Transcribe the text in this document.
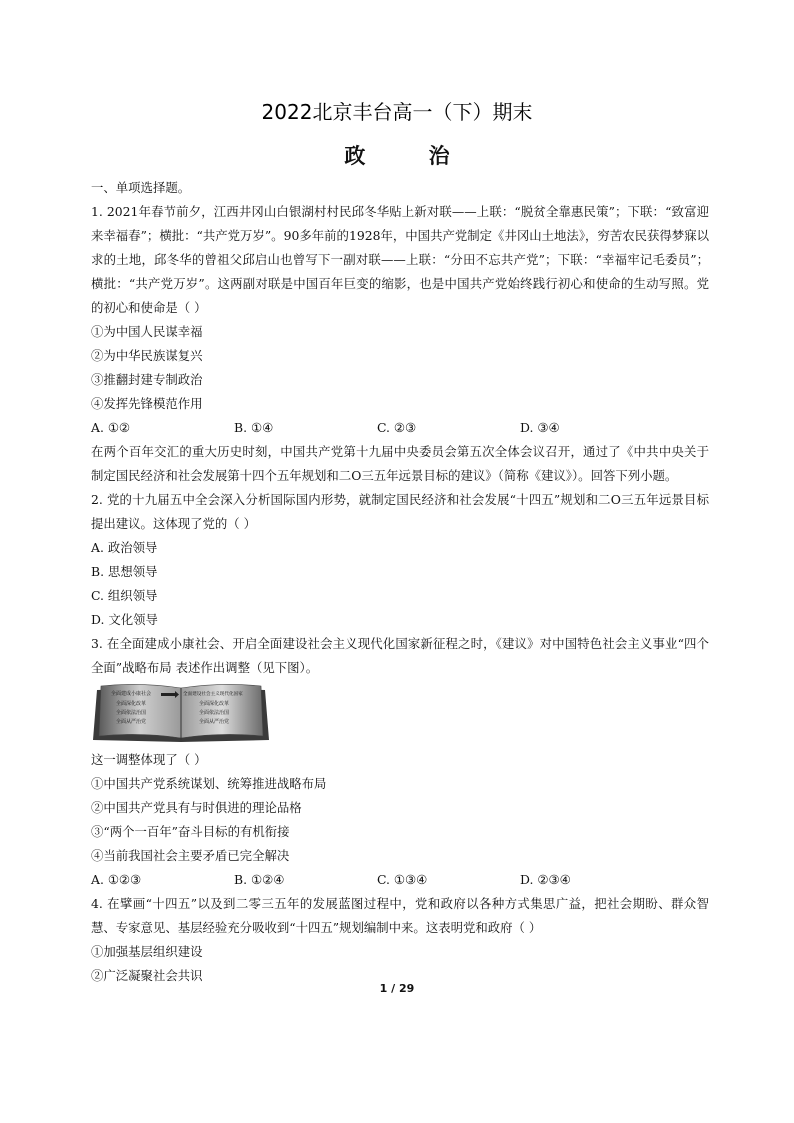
2022北京丰台高一（下）期末
政 治

一、单项选择题。

1. 2021年春节前夕，江西井冈山白银湖村村民邱冬华贴上新对联——上联：“脱贫全靠惠民策”；下联：“致富迎来幸福春”；横批：“共产党万岁”。90多年前的1928年，中国共产党制定《井冈山土地法》，穷苦农民获得梦寐以求的土地，邱冬华的曾祖父邱启山也曾写下一副对联——上联：“分田不忘共产党”；下联：“幸福牢记毛委员”；横批：“共产党万岁”。这两副对联是中国百年巨变的缩影，也是中国共产党始终践行初心和使命的生动写照。党的初心和使命是（ ）

①为中国人民谋幸福

②为中华民族谋复兴

③推翻封建专制政治

④发挥先锋模范作用

A. ①②	B. ①④	C. ②③	D. ③④

在两个百年交汇的重大历史时刻，中国共产党第十九届中央委员会第五次全体会议召开，通过了《中共中央关于制定国民经济和社会发展第十四个五年规划和二O三五年远景目标的建议》（简称《建议》）。回答下列小题。

2. 党的十九届五中全会深入分析国际国内形势，就制定国民经济和社会发展“十四五”规划和二O三五年远景目标提出建议。这体现了党的（ ）

A. 政治领导

B. 思想领导

C. 组织领导

D. 文化领导

3. 在全面建成小康社会、开启全面建设社会主义现代化国家新征程之时，《建议》对中国特色社会主义事业“四个全面”战略布局 表述作出调整（见下图）。

全面建成小康社会
全面深化改革
全面依法治国
全面从严治党
全面建设社会主义现代化国家
全面深化改革
全面依法治国
全面从严治党

这一调整体现了（ ）

①中国共产党系统谋划、统筹推进战略布局

②中国共产党具有与时俱进的理论品格

③“两个一百年”奋斗目标的有机衔接

④当前我国社会主要矛盾已完全解决

A. ①②③	B. ①②④	C. ①③④	D. ②③④

4. 在擘画“十四五”以及到二零三五年的发展蓝图过程中，党和政府以各种方式集思广益，把社会期盼、群众智慧、专家意见、基层经验充分吸收到“十四五”规划编制中来。这表明党和政府（ ）

①加强基层组织建设

②广泛凝聚社会共识

1 / 29
